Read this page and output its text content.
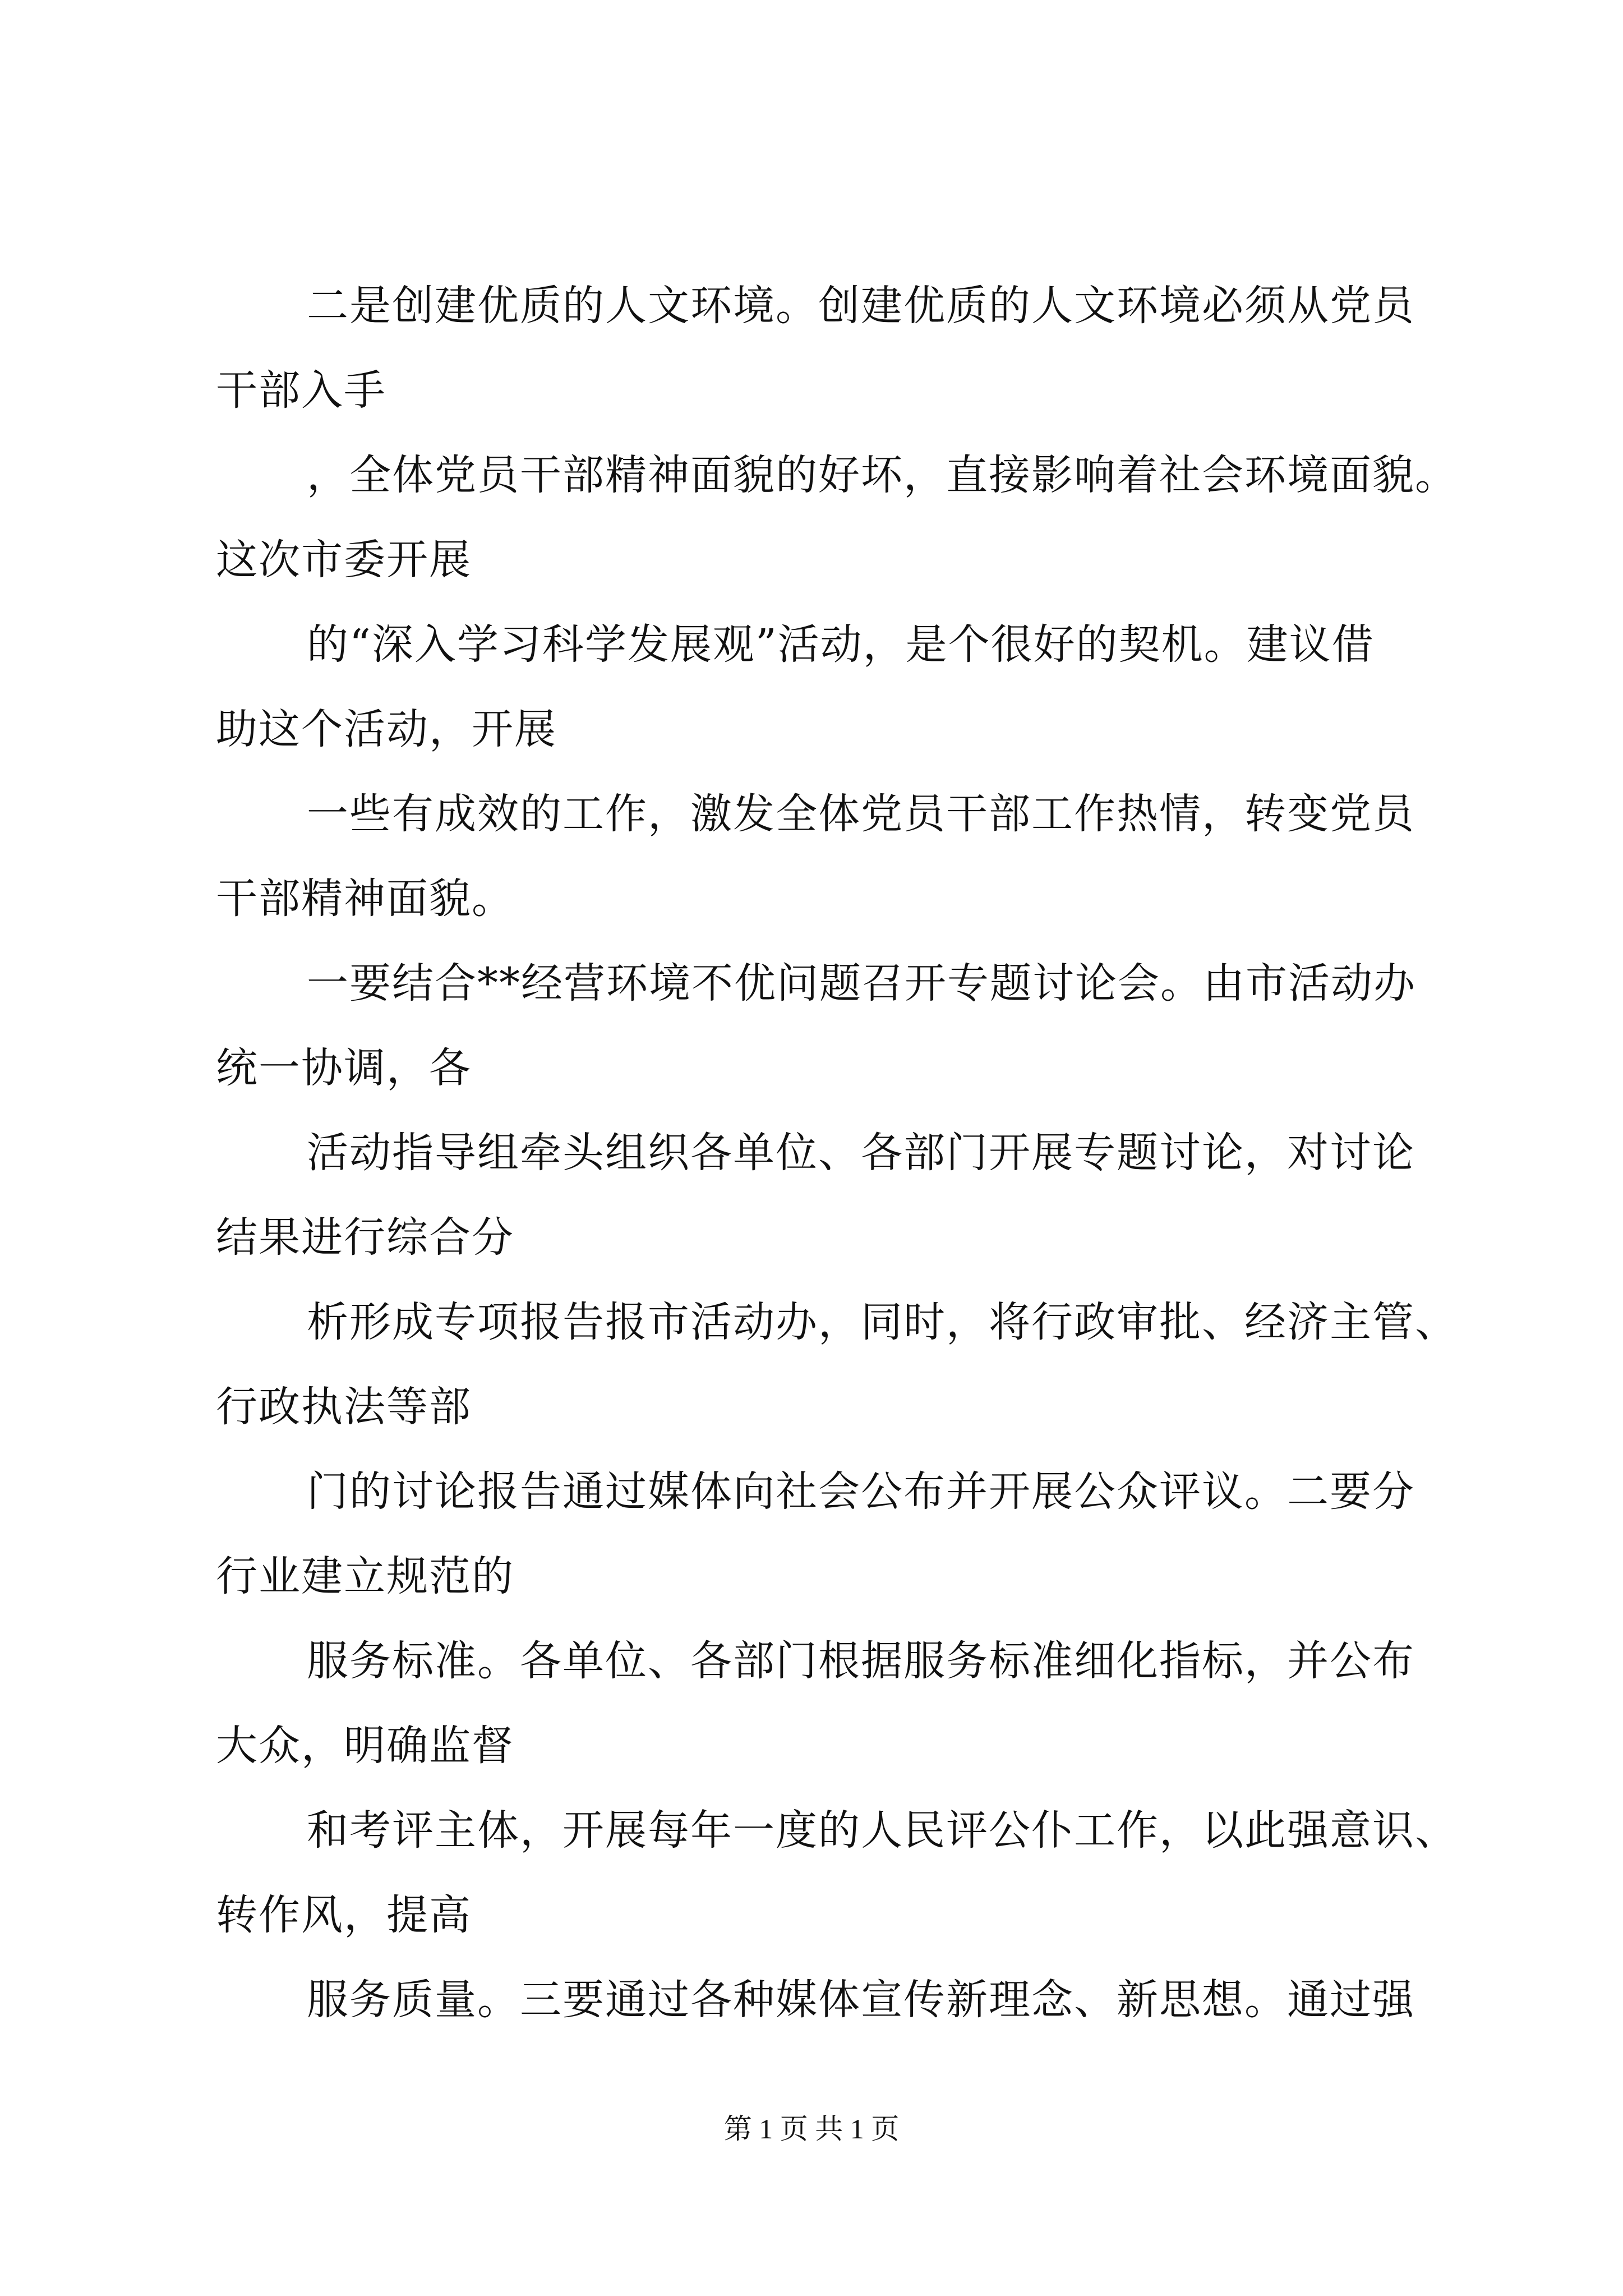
二是创建优质的人文环境。创建优质的人文环境必须从党员

干部入手

，全体党员干部精神面貌的好坏，直接影响着社会环境面貌。

这次市委开展

的“深入学习科学发展观”活动，是个很好的契机。建议借

助这个活动，开展

一些有成效的工作，激发全体党员干部工作热情，转变党员

干部精神面貌。

一要结合**经营环境不优问题召开专题讨论会。由市活动办

统一协调，各

活动指导组牵头组织各单位、各部门开展专题讨论，对讨论

结果进行综合分

析形成专项报告报市活动办，同时，将行政审批、经济主管、

行政执法等部

门的讨论报告通过媒体向社会公布并开展公众评议。二要分

行业建立规范的

服务标准。各单位、各部门根据服务标准细化指标，并公布

大众，明确监督

和考评主体，开展每年一度的人民评公仆工作，以此强意识、

转作风，提高

服务质量。三要通过各种媒体宣传新理念、新思想。通过强

第 1 页 共 1 页
